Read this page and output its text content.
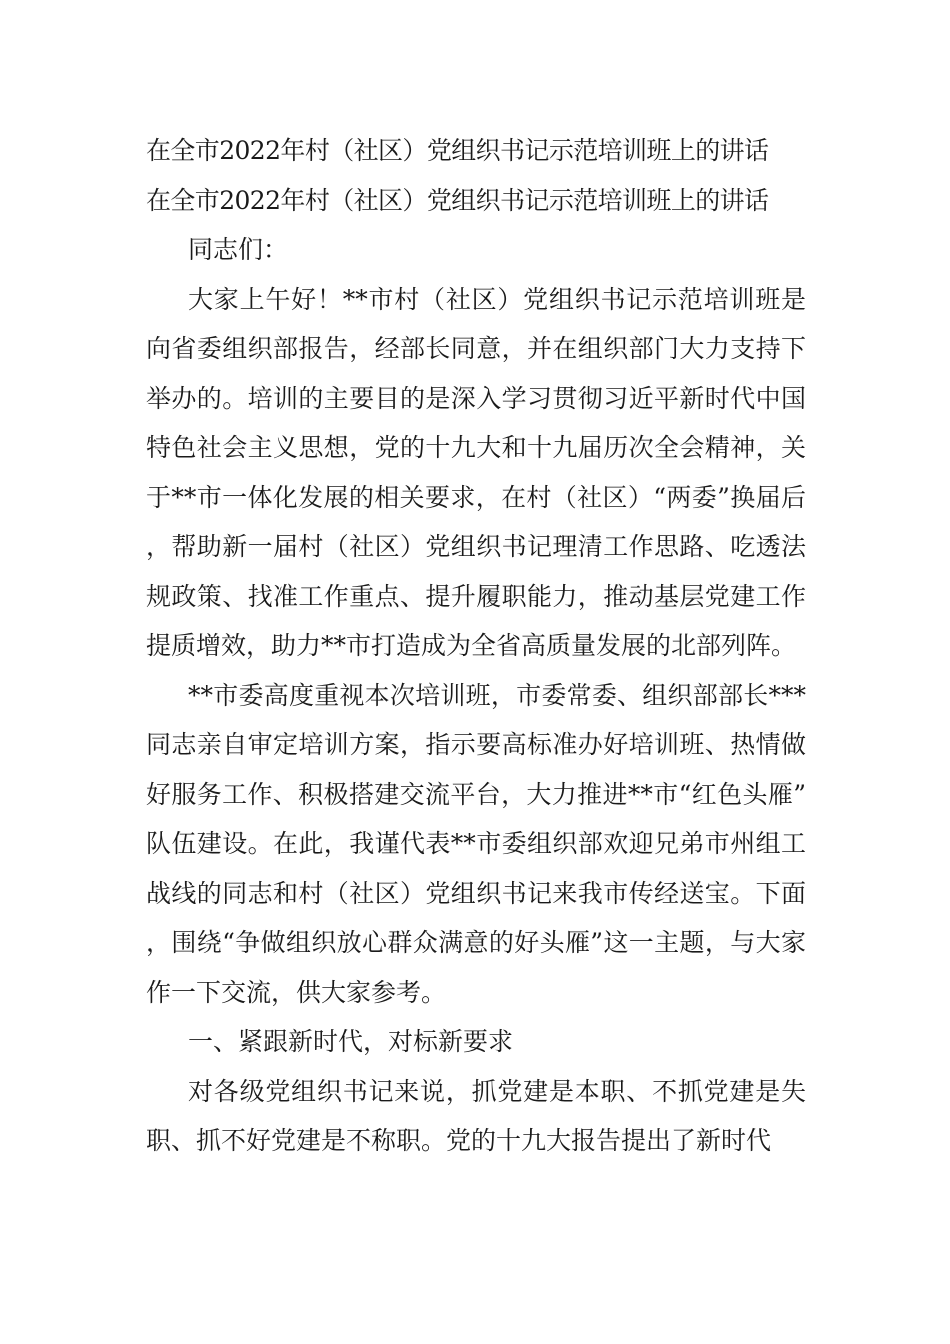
在全市2022年村（社区）党组织书记示范培训班上的讲话

在全市2022年村（社区）党组织书记示范培训班上的讲话

同志们：

大家上午好！**市村（社区）党组织书记示范培训班是向省委组织部报告，经部长同意，并在组织部门大力支持下举办的。培训的主要目的是深入学习贯彻习近平新时代中国特色社会主义思想，党的十九大和十九届历次全会精神，关于**市一体化发展的相关要求，在村（社区）“两委”换届后，帮助新一届村（社区）党组织书记理清工作思路、吃透法规政策、找准工作重点、提升履职能力，推动基层党建工作提质增效，助力**市打造成为全省高质量发展的北部列阵。

**市委高度重视本次培训班，市委常委、组织部部长***同志亲自审定培训方案，指示要高标准办好培训班、热情做好服务工作、积极搭建交流平台，大力推进**市“红色头雁”队伍建设。在此，我谨代表**市委组织部欢迎兄弟市州组工战线的同志和村（社区）党组织书记来我市传经送宝。下面，围绕“争做组织放心群众满意的好头雁”这一主题，与大家作一下交流，供大家参考。

一、紧跟新时代，对标新要求

对各级党组织书记来说，抓党建是本职、不抓党建是失职、抓不好党建是不称职。党的十九大报告提出了新时代
